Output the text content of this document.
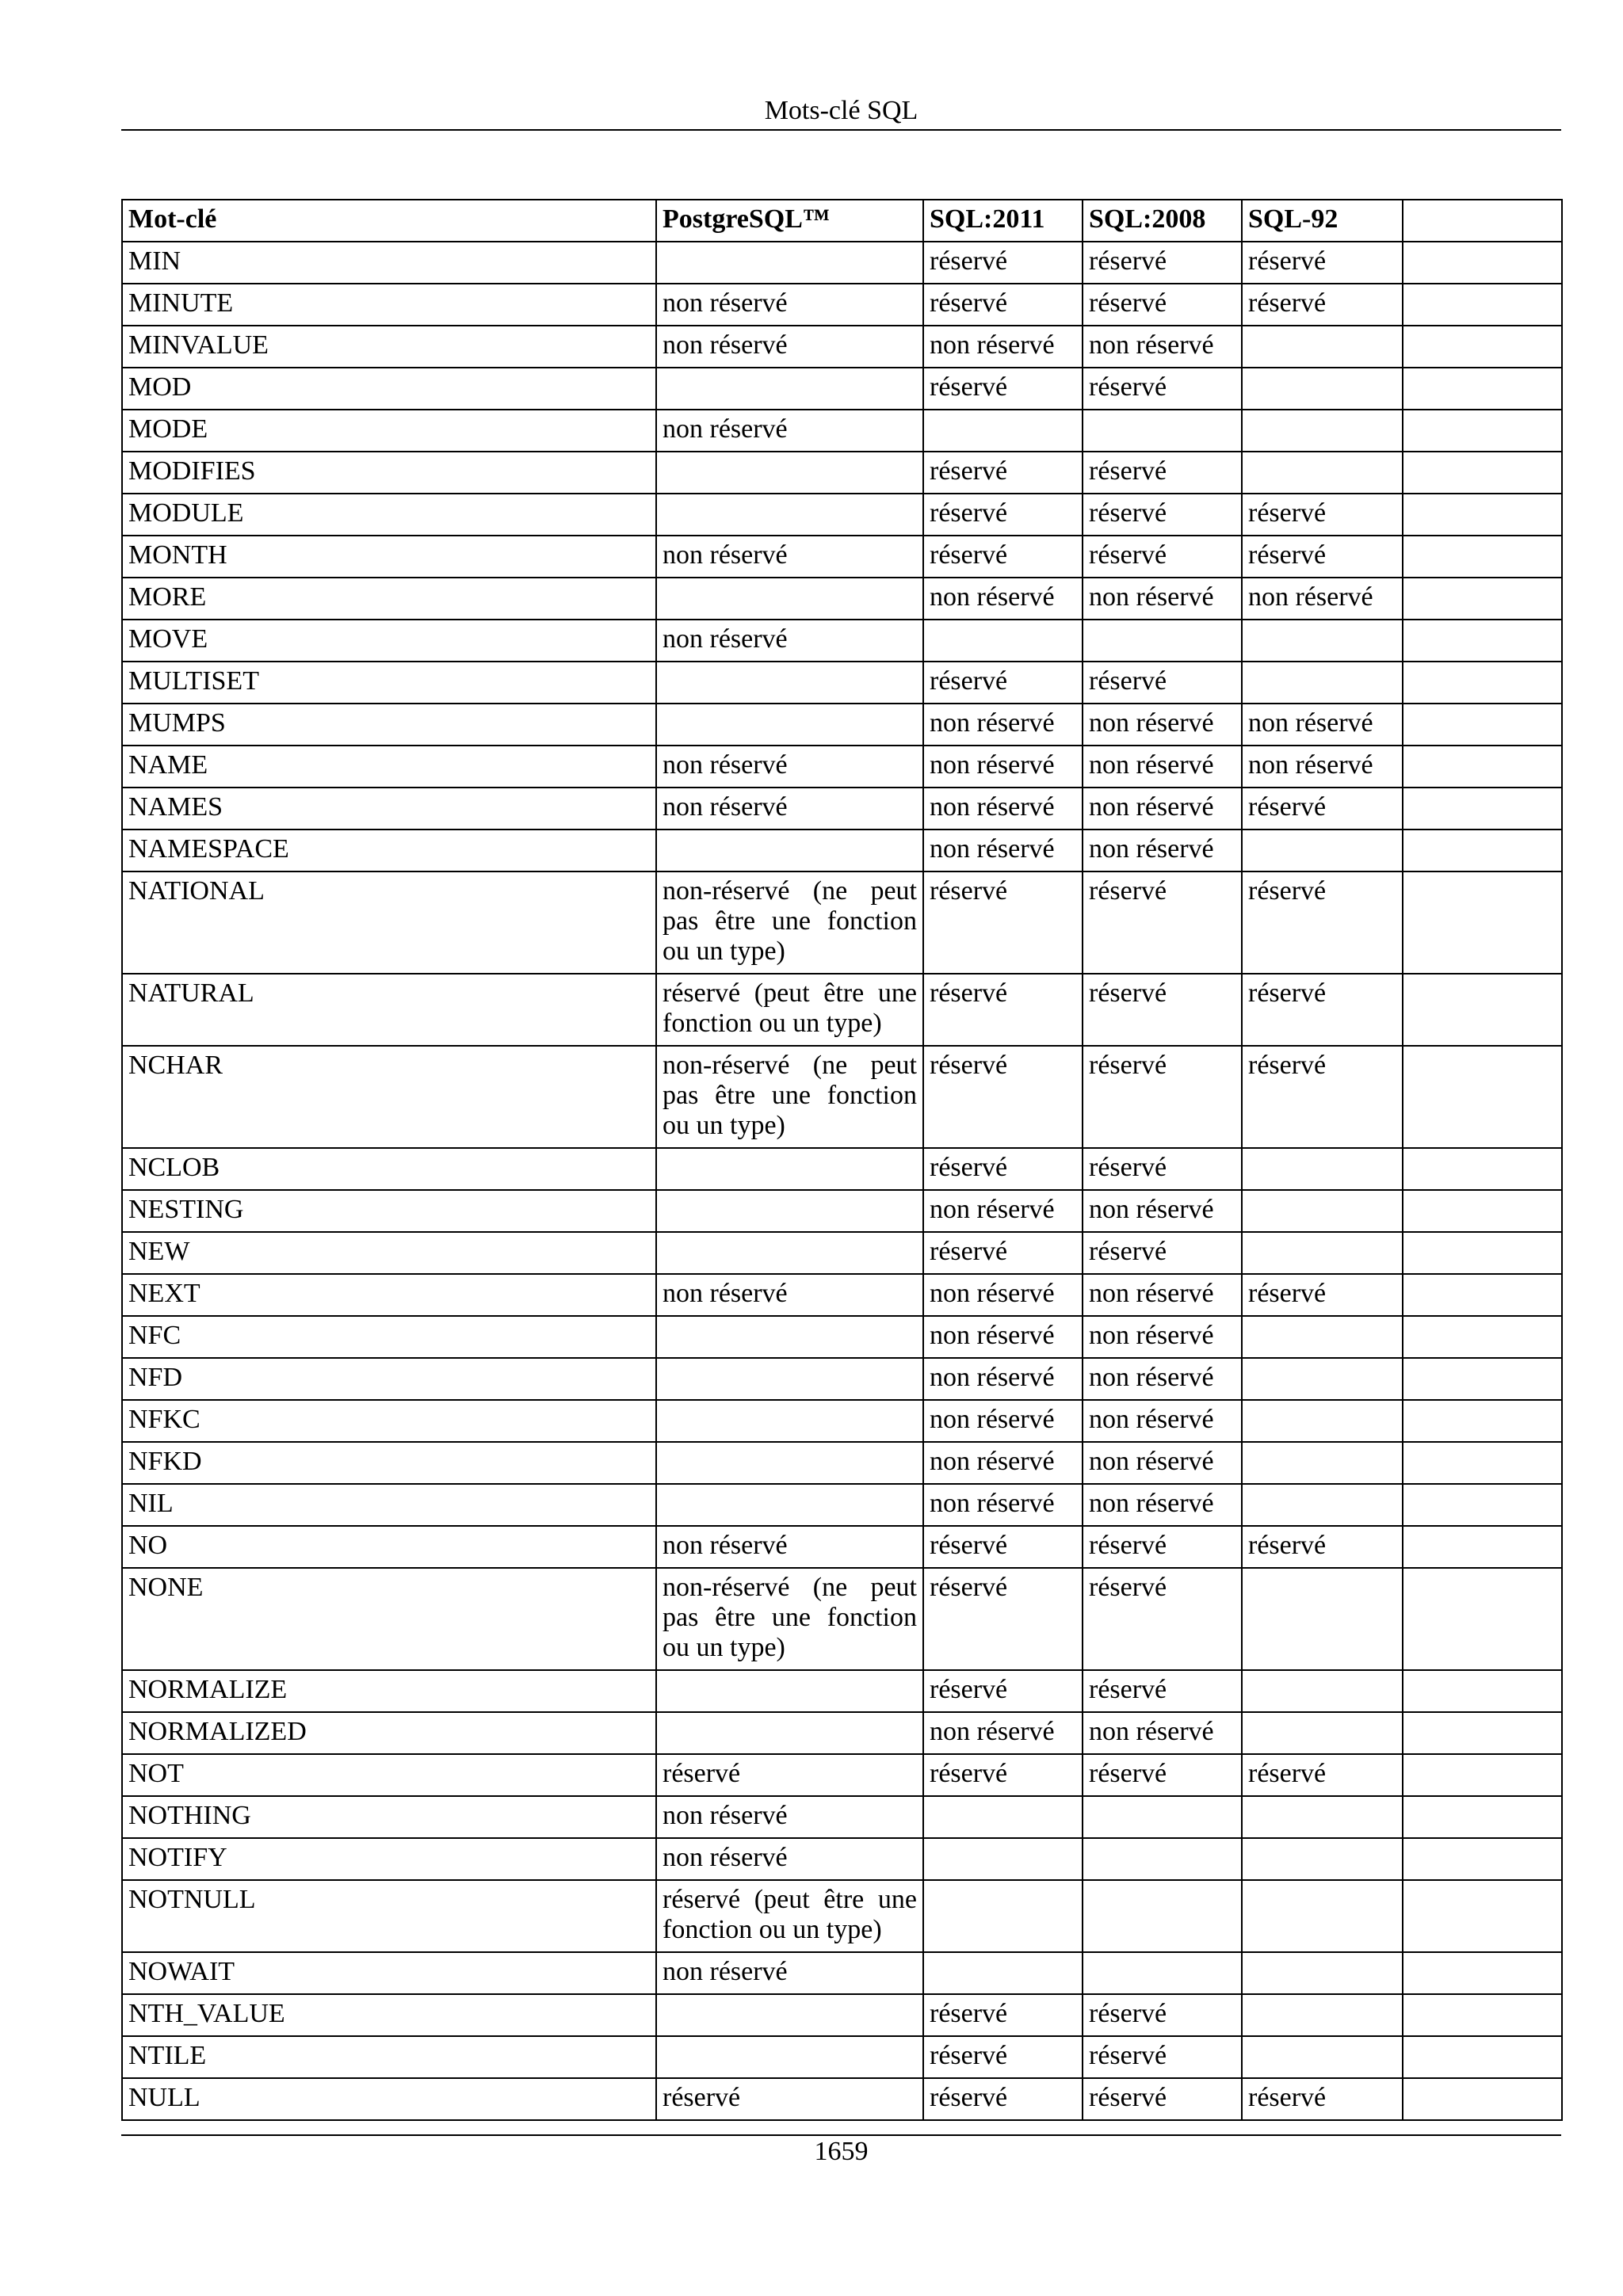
Mots-clé SQL
Mot-clé	PostgreSQL™	SQL:2011	SQL:2008	SQL-92	
MIN		réservé	réservé	réservé	
MINUTE	non réservé	réservé	réservé	réservé	
MINVALUE	non réservé	non réservé	non réservé		
MOD		réservé	réservé		
MODE	non réservé				

MODIFIES		réservé	réservé		
MODULE		réservé	réservé	réservé	
MONTH	non réservé	réservé	réservé	réservé	
MORE		non réservé	non réservé	non réservé	
MOVE	non réservé				

MULTISET		réservé	réservé		
MUMPS		non réservé	non réservé	non réservé	
NAME	non réservé	non réservé	non réservé	non réservé	
NAMES	non réservé	non réservé	non réservé	réservé	
NAMESPACE		non réservé	non réservé		
NATIONAL	non-réservé (ne peut
pas être une fonction
ou un type)	réservé	réservé	réservé	
NATURAL	réservé (peut être une
fonction ou un type)	réservé	réservé	réservé	
NCHAR	non-réservé (ne peut
pas être une fonction
ou un type)	réservé	réservé	réservé	
NCLOB		réservé	réservé		
NESTING		non réservé	non réservé		
NEW		réservé	réservé		
NEXT	non réservé	non réservé	non réservé	réservé	
NFC		non réservé	non réservé		
NFD		non réservé	non réservé		
NFKC		non réservé	non réservé		
NFKD		non réservé	non réservé		
NIL		non réservé	non réservé		
NO	non réservé	réservé	réservé	réservé	
NONE	non-réservé (ne peut
pas être une fonction
ou un type)	réservé	réservé		
NORMALIZE		réservé	réservé		
NORMALIZED		non réservé	non réservé		
NOT	réservé	réservé	réservé	réservé	
NOTHING	non réservé				

NOTIFY	non réservé				

NOTNULL	réservé (peut être une
fonction ou un type)				

NOWAIT	non réservé				

NTH_VALUE		réservé	réservé		
NTILE		réservé	réservé		
NULL	réservé	réservé	réservé	réservé	
1659
